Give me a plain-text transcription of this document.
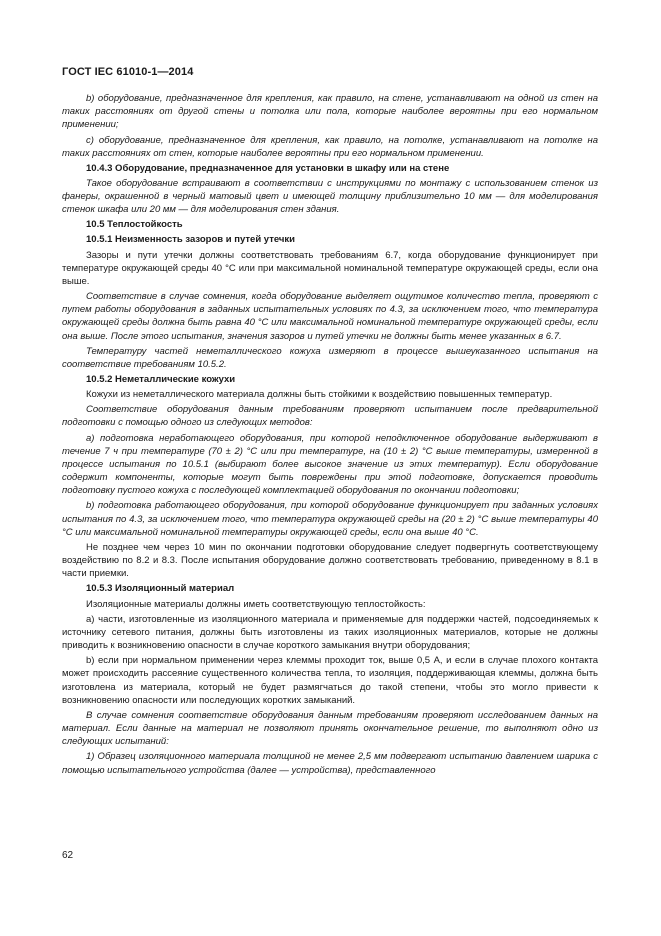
ГОСТ IEC 61010-1—2014

b) оборудование, предназначенное для крепления, как правило, на стене, устанавливают на одной из стен на таких расстояниях от другой стены и потолка или пола, которые наиболее вероятны при его нормальном применении;

c) оборудование, предназначенное для крепления, как правило, на потолке, устанавливают на потолке на таких расстояниях от стен, которые наиболее вероятны при его нормальном применении.

10.4.3 Оборудование, предназначенное для установки в шкафу или на стене

Такое оборудование встраивают в соответствии с инструкциями по монтажу с использованием стенок из фанеры, окрашенной в черный матовый цвет и имеющей толщину приблизительно 10 мм — для моделирования стенок шкафа или 20 мм — для моделирования стен здания.

10.5 Теплостойкость

10.5.1 Неизменность зазоров и путей утечки

Зазоры и пути утечки должны соответствовать требованиям 6.7, когда оборудование функционирует при температуре окружающей среды 40 °С или при максимальной номинальной температуре окружающей среды, если она выше.

Соответствие в случае сомнения, когда оборудование выделяет ощутимое количество тепла, проверяют с путем работы оборудования в заданных испытательных условиях по 4.3, за исключением того, что температура окружающей среды должна быть равна 40 °С или максимальной номинальной температуре окружающей среды, если она выше. После этого испытания, значения зазоров и путей утечки не должны быть менее указанных в 6.7.

Температуру частей неметаллического кожуха измеряют в процессе вышеуказанного испытания на соответствие требованиям 10.5.2.

10.5.2 Неметаллические кожухи

Кожухи из неметаллического материала должны быть стойкими к воздействию повышенных температур.

Соответствие оборудования данным требованиям проверяют испытанием после предварительной подготовки с помощью одного из следующих методов:

а) подготовка неработающего оборудования, при которой неподключенное оборудование выдерживают в течение 7 ч при температуре (70 ± 2) °С или при температуре, на (10 ± 2) °С выше температуры, измеренной в процессе испытания по 10.5.1 (выбирают более высокое значение из этих температур). Если оборудование содержит компоненты, которые могут быть повреждены при этой подготовке, допускается проводить подготовку пустого кожуха с последующей комплектацией оборудования по окончании подготовки;

b) подготовка работающего оборудования, при которой оборудование функционирует при заданных условиях испытания по 4.3, за исключением того, что температура окружающей среды на (20 ± 2) °С выше температуры 40 °С или максимальной номинальной температуры окружающей среды, если она выше 40 °С.

Не позднее чем через 10 мин по окончании подготовки оборудование следует подвергнуть соответствующему воздействию по 8.2 и 8.3. После испытания оборудование должно соответствовать требованию, приведенному в 8.1 в части приемки.

10.5.3 Изоляционный материал

Изоляционные материалы должны иметь соответствующую теплостойкость:

а) части, изготовленные из изоляционного материала и применяемые для поддержки частей, подсоединяемых к источнику сетевого питания, должны быть изготовлены из таких изоляционных материалов, которые не должны приводить к возникновению опасности в случае короткого замыкания внутри оборудования;

b) если при нормальном применении через клеммы проходит ток, выше 0,5 А, и если в случае плохого контакта может происходить рассеяние существенного количества тепла, то изоляция, поддерживающая клеммы, должна быть изготовлена из материала, который не будет размягчаться до такой степени, чтобы это могло привести к возникновению опасности или последующих коротких замыканий.

В случае сомнения соответствие оборудования данным требованиям проверяют исследованием данных на материал. Если данные на материал не позволяют принять окончательное решение, то выполняют одно из следующих испытаний:

1) Образец изоляционного материала толщиной не менее 2,5 мм подвергают испытанию давлением шарика с помощью испытательного устройства (далее — устройства), представленного

62
